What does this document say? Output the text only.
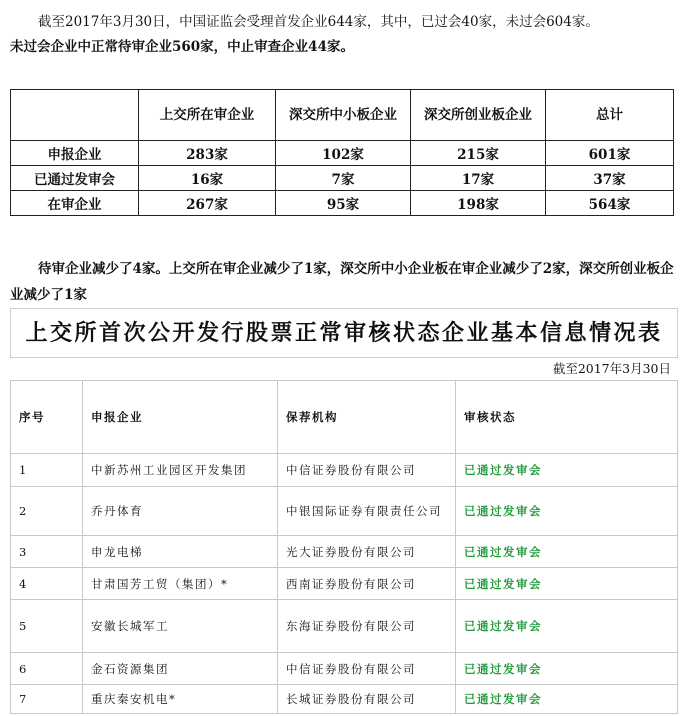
截至2017年3月30日，中国证监会受理首发企业644家，其中，已过会40家，未过会604家。
未过会企业中正常待审企业560家，中止审查企业44家。
	上交所在审企业	深交所中小板企业	深交所创业板企业	总计
申报企业	283家	102家	215家	601家
已通过发审会	16家	7家	17家	37家
在审企业	267家	95家	198家	564家

待审企业减少了4家。上交所在审企业减少了1家，深交所中小企业板在审企业减少了2家，深交所创业板企业减少了1家

上交所首次公开发行股票正常审核状态企业基本信息情况表
截至2017年3月30日
序号	申报企业	保荐机构	审核状态
1	中新苏州工业园区开发集团	中信证券股份有限公司	已通过发审会
2	乔丹体育	中银国际证券有限责任公司	已通过发审会
3	申龙电梯	光大证券股份有限公司	已通过发审会
4	甘肃国芳工贸（集团）*	西南证券股份有限公司	已通过发审会
5	安徽长城军工	东海证券股份有限公司	已通过发审会
6	金石资源集团	中信证券股份有限公司	已通过发审会
7	重庆秦安机电*	长城证券股份有限公司	已通过发审会
